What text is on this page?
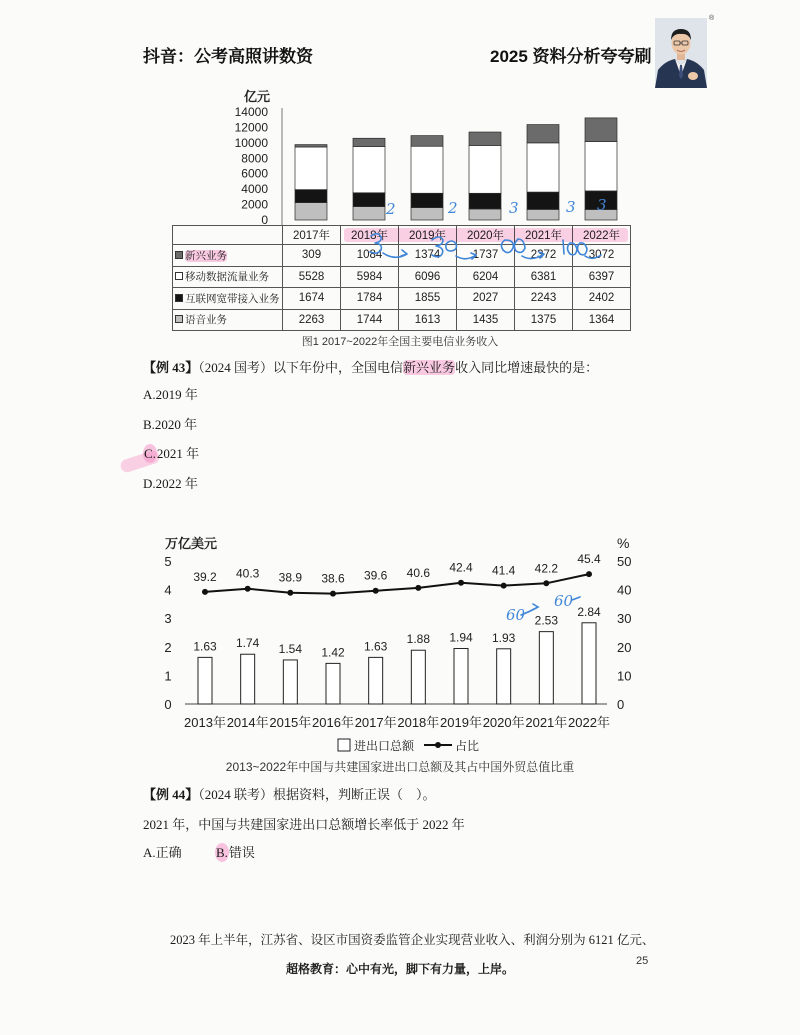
抖音：公考高照讲数资	2025 资料分析夸夸刷
®
亿元
0
2000
4000
6000
8000
10000
12000
14000
2	2	3	3 3
	2017年	2018年	2019年	2020年	2021年	2022年
新兴业务	309	1084	1374	1737	2372	3072
移动数据流量业务	5528	5984	6096	6204	6381	6397
互联网宽带接入业务	1674	1784	1855	2027	2243	2402
语音业务	2263	1744	1613	1435	1375	1364
图1 2017~2022年全国主要电信业务收入
【例 43】（2024 国考）以下年份中，全国电信新兴业务收入同比增速最快的是：
A.2019 年
B.2020 年
C.2021 年
D.2022 年
万亿美元	%
0
1
2
3
4
5
0
10
20
30
40
50
1.63 1.74 1.54 1.42 1.63
1.88 1.94 1.93
2.53
2.84
39.2 40.3 38.9 38.6 39.6 40.6 42.4 41.4 42.2
45.4
2013年 2014年 2015年 2016年 2017年 2018年 2019年 2020年 2021年 2022年
60
60
进出口总额	占比
2013~2022年中国与共建国家进出口总额及其占中国外贸总值比重
【例 44】（2024 联考）根据资料，判断正误（　）。
2021 年，中国与共建国家进出口总额增长率低于 2022 年
A.正确	B.错误
2023 年上半年，江苏省、设区市国资委监管企业实现营业收入、利润分别为 6121 亿元、
超格教育：心中有光，脚下有力量，上岸。
25
